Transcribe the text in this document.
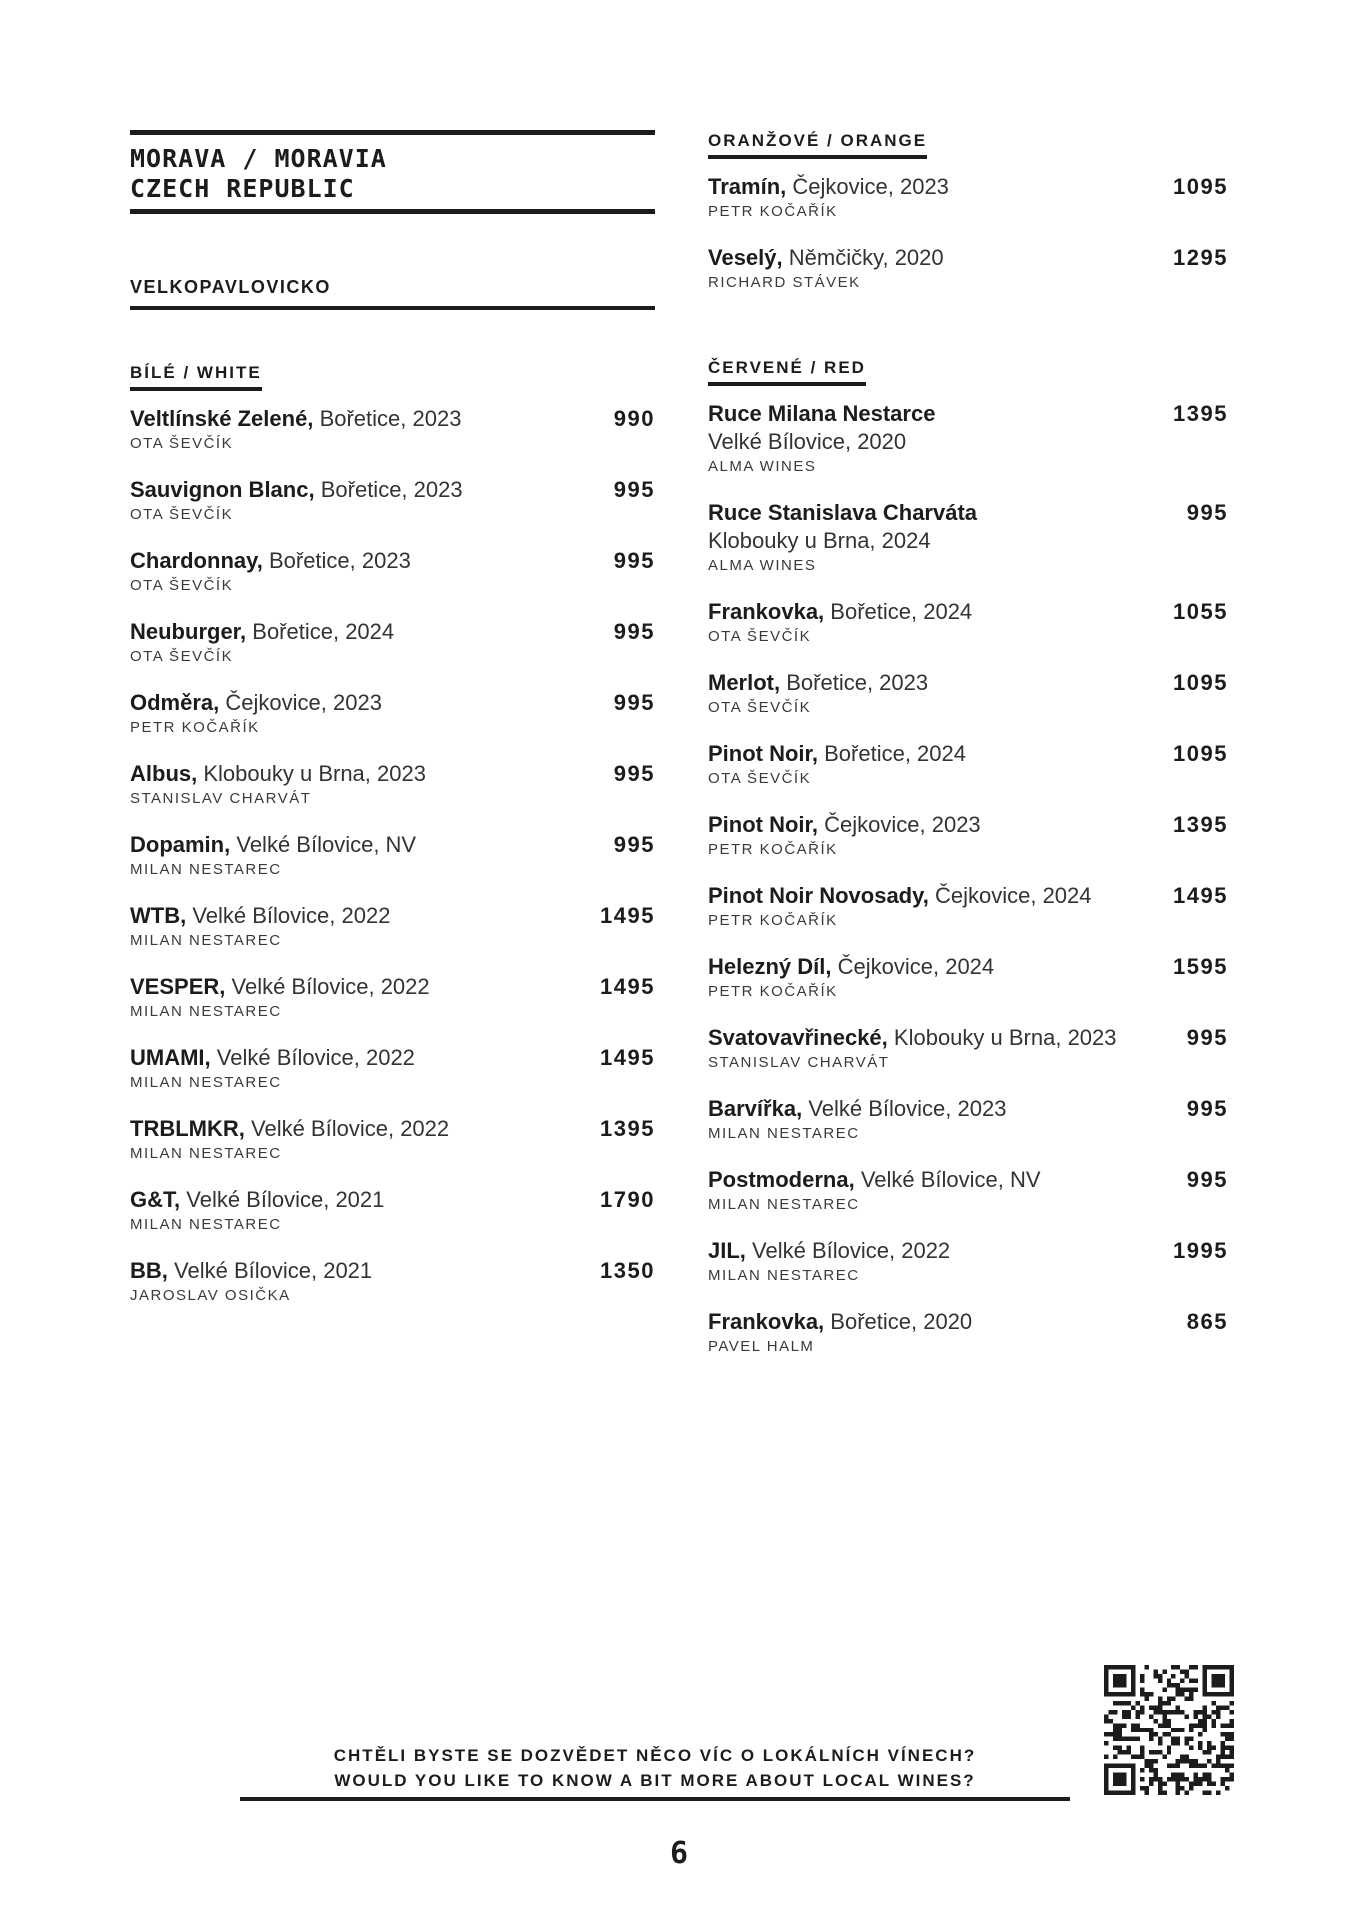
MORAVA / MORAVIA
CZECH REPUBLIC
VELKOPAVLOVICKO
BÍLÉ / WHITE
Veltlínské Zelené, Bořetice, 2023
OTA ŠEVČÍK
990
Sauvignon Blanc, Bořetice, 2023
OTA ŠEVČÍK
995
Chardonnay, Bořetice, 2023
OTA ŠEVČÍK
995
Neuburger, Bořetice, 2024
OTA ŠEVČÍK
995
Odměra, Čejkovice, 2023
PETR KOČAŘÍK
995
Albus, Klobouky u Brna, 2023
STANISLAV CHARVÁT
995
Dopamin, Velké Bílovice, NV
MILAN NESTAREC
995
WTB, Velké Bílovice, 2022
MILAN NESTAREC
1495
VESPER, Velké Bílovice, 2022
MILAN NESTAREC
1495
UMAMI, Velké Bílovice, 2022
MILAN NESTAREC
1495
TRBLMKR, Velké Bílovice, 2022
MILAN NESTAREC
1395
G&T, Velké Bílovice, 2021
MILAN NESTAREC
1790
BB, Velké Bílovice, 2021
JAROSLAV OSIČKA
1350
ORANŽOVÉ / ORANGE
Tramín, Čejkovice, 2023
PETR KOČAŘÍK
1095
Veselý, Němčičky, 2020
RICHARD STÁVEK
1295
ČERVENÉ / RED
Ruce Milana Nestarce
Velké Bílovice, 2020
ALMA WINES
1395
Ruce Stanislava Charváta
Klobouky u Brna, 2024
ALMA WINES
995
Frankovka, Bořetice, 2024
OTA ŠEVČÍK
1055
Merlot, Bořetice, 2023
OTA ŠEVČÍK
1095
Pinot Noir, Bořetice, 2024
OTA ŠEVČÍK
1095
Pinot Noir, Čejkovice, 2023
PETR KOČAŘÍK
1395
Pinot Noir Novosady, Čejkovice, 2024
PETR KOČAŘÍK
1495
Helezný Díl, Čejkovice, 2024
PETR KOČAŘÍK
1595
Svatovavřinecké, Klobouky u Brna, 2023
STANISLAV CHARVÁT
995
Barvířka, Velké Bílovice, 2023
MILAN NESTAREC
995
Postmoderna, Velké Bílovice, NV
MILAN NESTAREC
995
JIL, Velké Bílovice, 2022
MILAN NESTAREC
1995
Frankovka, Bořetice, 2020
PAVEL HALM
865
CHTĚLI BYSTE SE DOZVĚDET NĚCO VÍC O LOKÁLNÍCH VÍNECH?
WOULD YOU LIKE TO KNOW A BIT MORE ABOUT LOCAL WINES?
6
